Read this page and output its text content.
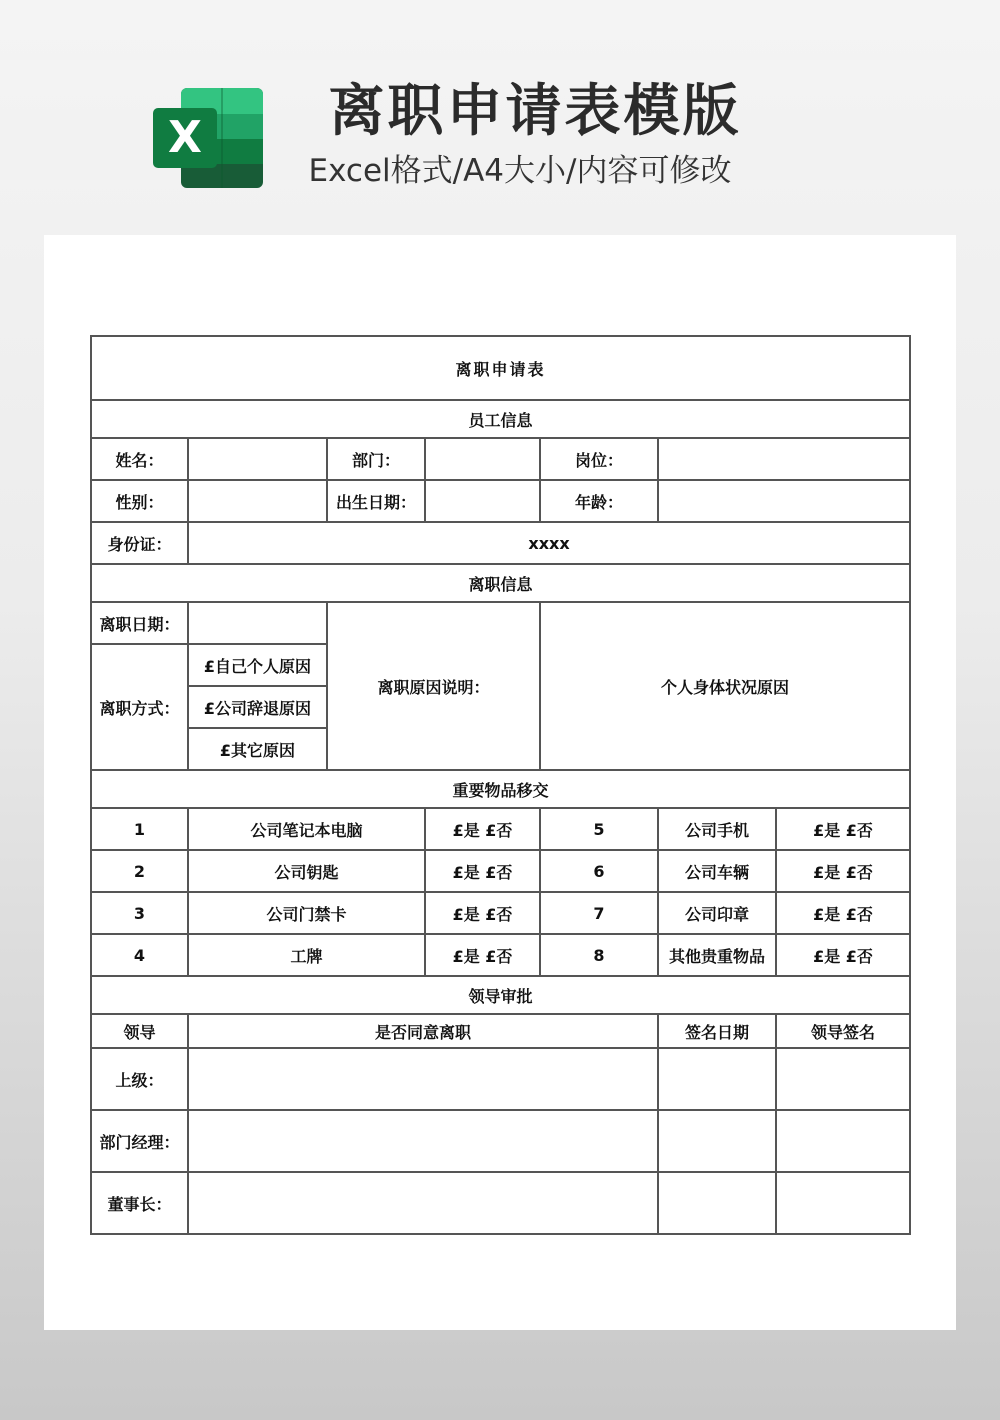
X	离职申请表模版
Excel格式/A4大小/内容可修改
离职申请表						
员工信息						
姓名：		部门：		岗位：		
性别：		出生日期：		年龄：		
身份证：	xxxx					
离职信息						
离职日期：		离职原因说明：		个人身体状况原因		
离职方式：	£自己个人原因					
	£公司辞退原因					
	£其它原因					
重要物品移交						
1	公司笔记本电脑		£是 £否	5	公司手机	£是 £否
2	公司钥匙		£是 £否	6	公司车辆	£是 £否
3	公司门禁卡		£是 £否	7	公司印章	£是 £否
4	工牌		£是 £否	8	其他贵重物品	£是 £否
领导审批						
领导	是否同意离职				签名日期	领导签名
上级：						
部门经理：						
董事长：						
